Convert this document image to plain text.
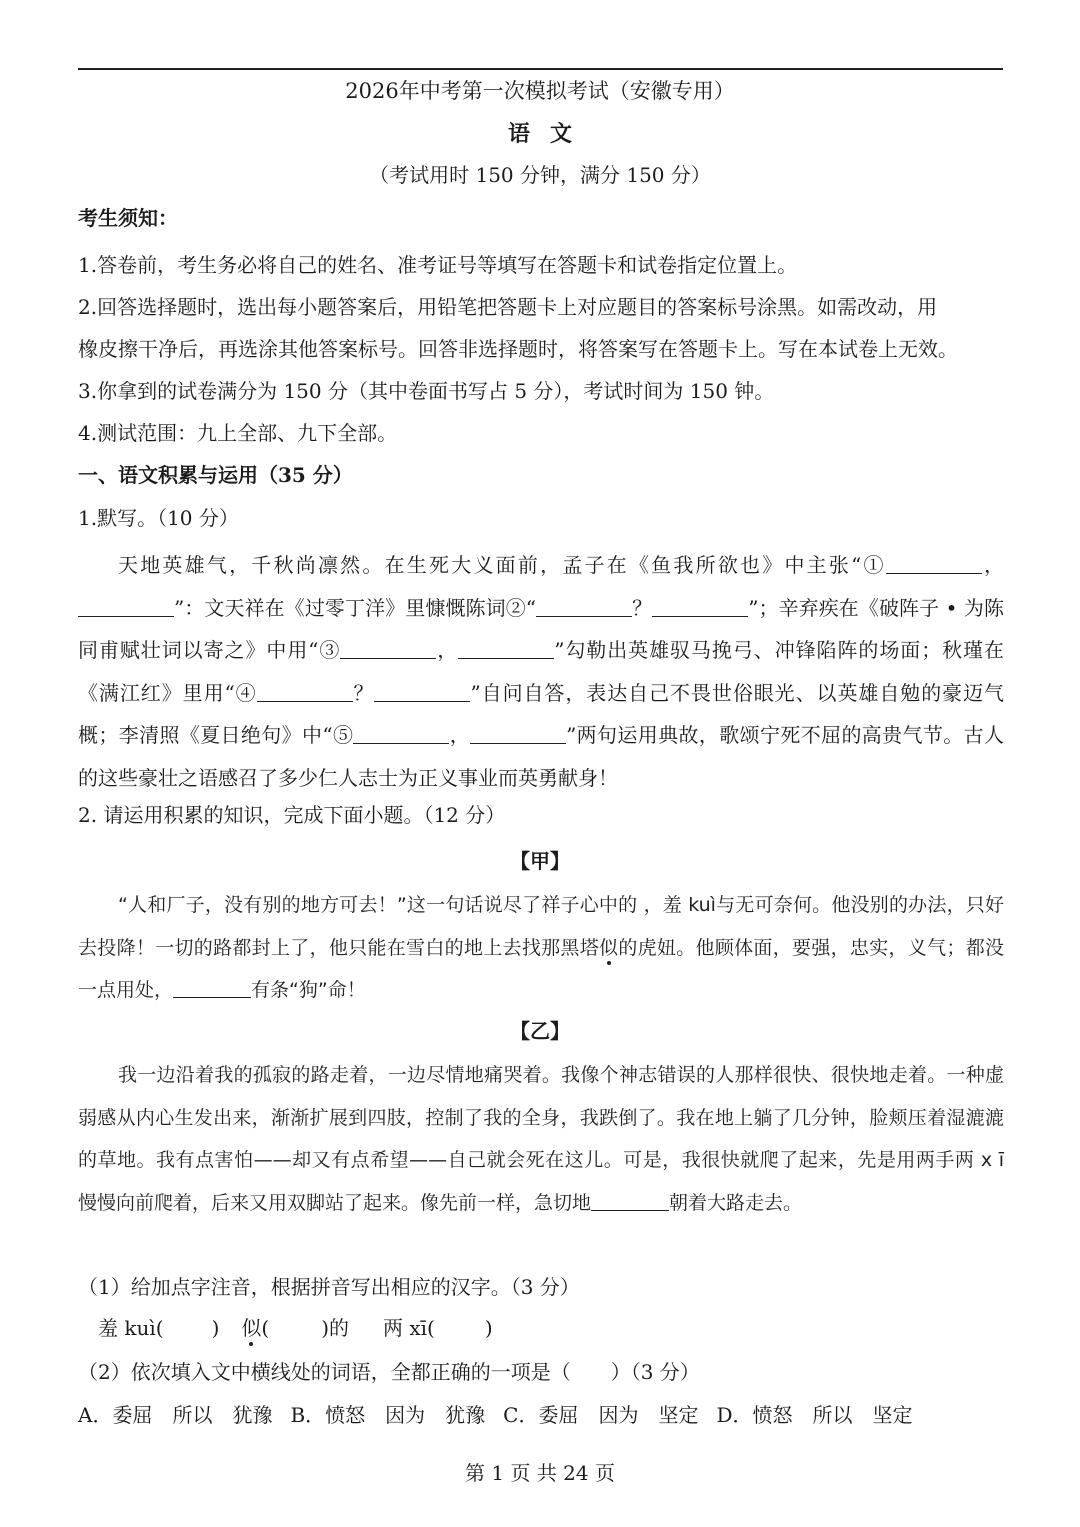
2026年中考第一次模拟考试（安徽专用）
语文
（考试用时 150 分钟，满分 150 分）
考生须知：
1.答卷前，考生务必将自己的姓名、准考证号等填写在答题卡和试卷指定位置上。
2.回答选择题时，选出每小题答案后，用铅笔把答题卡上对应题目的答案标号涂黑。如需改动，用
橡皮擦干净后，再选涂其他答案标号。回答非选择题时，将答案写在答题卡上。写在本试卷上无效。
3.你拿到的试卷满分为 150 分（其中卷面书写占 5 分），考试时间为 150 钟。
4.测试范围：九上全部、九下全部。
一、语文积累与运用（35 分）
1.默写。（10 分）
天地英雄气，千秋尚凛然。在生死大义面前，孟子在《鱼我所欲也》中主张“①	，”：文天祥在《过零丁洋》里慷慨陈词②“	？	”；辛弃疾在《破阵子 • 为陈同甫赋壮词以寄之》中用“③	，	”勾勒出英雄驭马挽弓、冲锋陷阵的场面；秋瑾在《满江红》里用“④	？	”自问自答，表达自己不畏世俗眼光、以英雄自勉的豪迈气概；李清照《夏日绝句》中“⑤	，	”两句运用典故，歌颂宁死不屈的高贵气节。古人的这些豪壮之语感召了多少仁人志士为正义事业而英勇献身！
2. 请运用积累的知识，完成下面小题。（12 分）
【甲】
“人和厂子，没有别的地方可去！”这一句话说尽了祥子心中的 ，羞 kuì与无可奈何。他没别的办法，只好去投降！一切的路都封上了，他只能在雪白的地上去找那黑塔似的虎妞。他顾体面，要强，忠实，义气；都没一点用处，	有条“狗”命！
【乙】
我一边沿着我的孤寂的路走着，一边尽情地痛哭着。我像个神志错误的人那样很快、很快地走着。一种虚弱感从内心生发出来，渐渐扩展到四肢，控制了我的全身，我跌倒了。我在地上躺了几分钟，脸颊压着湿漉漉的草地。我有点害怕——却又有点希望——自己就会死在这儿。可是，我很快就爬了起来，先是用两手两 x ī 慢慢向前爬着，后来又用双脚站了起来。像先前一样，急切地	朝着大路走去。
（1）给加点字注音，根据拼音写出相应的汉字。（3 分）
羞 kuì( ) 似(	)的 两 xī(	)
（2）依次填入文中横线处的词语，全都正确的一项是（　　）（3 分）
A．委屈　所以　犹豫 B．愤怒　因为　犹豫 C．委屈　因为　坚定 D．愤怒　所以　坚定
第 1 页 共 24 页
